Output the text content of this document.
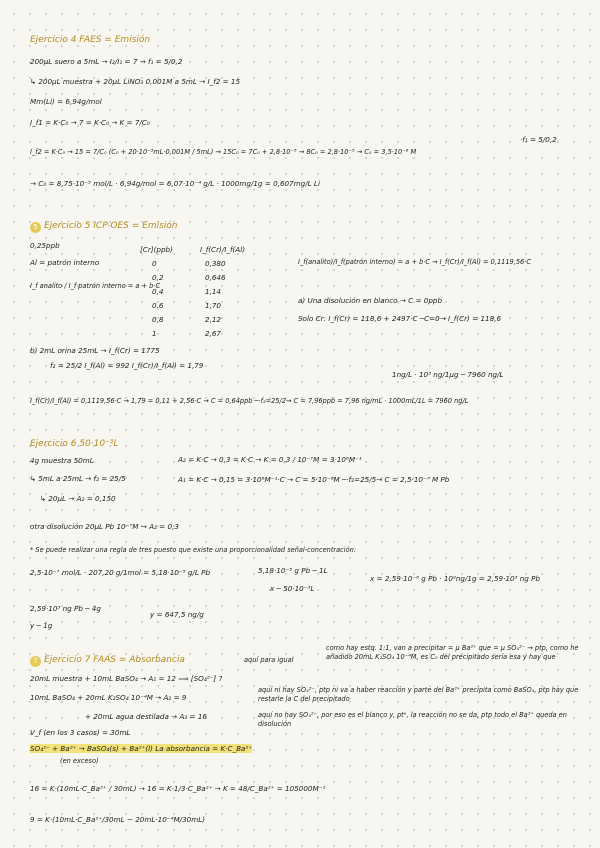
Ejercicio 4 FAES = Emisión
200µL suero a 5mL → I₂/I₁ = 7 → f₁ = 5/0,2
↳ 200µL muestra + 20µL LiNO₃ 0,001M a 5mL → I_f2 = 15
Mm(Li) = 6,94g/mol
I_f1 = K·C₀ → 7 = K·C₀ → K = 7/C₀
I_f2 = K·C₀ → 15 = 7/C₀ (C₀ + 20·10⁻³mL·0,001M / 5mL) → 15C₀ = 7C₀ + 2,8·10⁻⁵ → 8C₀ = 2,8·10⁻⁵ → C₀ = 3,5·10⁻⁶ M
·f₁ = 5/0,2
→ C₀ = 8,75·10⁻⁵ mol/L · 6,94g/mol = 6,07·10⁻⁴ g/L · 1000mg/1g = 0,607mg/L Li
5 Ejercicio 5 ICP-OES = Emisión
0,25ppb	[Cr](ppb)	I_f(Cr)/I_f(Al)
Al = patrón interno
I_f analito / I_f patrón interno = a + b·C
0	0,380
0,2	0,646
0,4	1,14
0,6	1,70
0,8	2,12
1	2,67
I_f(analito)/I_f(patrón interno) = a + b·C → I_f(Cr)/I_f(Al) = 0,1119,56·C
a) Una disolución en blanco → C = 0ppb
Solo Cr: I_f(Cr) = 118,6 + 2497·C ─C=0→ I_f(Cr) = 118,6
b) 2mL orina 25mL → I_f(Cr) = 1775
f₂ = 25/2 I_f(Al) = 992 I_f(Cr)/I_f(Al) = 1,79
1ng/L · 10³ ng/1µg ─ 7960 ng/L
I_f(Cr)/I_f(Al) = 0,1119,56·C → 1,79 = 0,11 + 2,56·C → C = 0,64ppb ─·f₂=25/2→ C = 7,96ppb = 7,96 ng/mL · 1000mL/1L = 7960 ng/L
Ejercicio 6 50·10⁻³L
4g muestra 50mL
↳ 5mL a 25mL → f₂ = 25/5
↳ 20µL → A₂ = 0,150
A₂ = K·C → 0,3 = K·C → K = 0,3 / 10⁻⁷M = 3·10⁶M⁻¹
A₁ = K·C → 0,15 = 3·10⁶M⁻¹·C → C = 5·10⁻⁸M ─·f₂=25/5→ C = 2,5·10⁻⁷ M Pb
otra disolución 20µL Pb 10⁻⁷M → A₂ = 0,3
* Se puede realizar una regla de tres puesto que existe una proporcionalidad señal-concentración:
2,5·10⁻⁷ mol/L · 207,20 g/1mol = 5,18·10⁻⁵ g/L Pb	5,18·10⁻⁵ g Pb ─ 1L
x ─ 50·10⁻³L
x = 2,59·10⁻⁶ g Pb · 10⁹ng/1g = 2,59·10³ ng Pb
2,59·10³ ng Pb ─ 4g
y ─ 1g
y = 647,5 ng/g
7 Ejercicio 7 FAAS = Absorbancia	aquí para igual
como hay estq. 1:1, van a precipitar = µ Ba²⁺ que = µ SO₄²⁻ → ptp, como he añadido 20mL K₂SO₄ 10⁻⁴M, es C₀ del precipitado sería esa y hay que
20mL muestra + 10mL BaSO₄ → A₁ = 12 ⟹ [SO₄²⁻] ?
aquí ni hay SO₄²⁻, ptp ni va a haber reacción y parte del Ba²⁺ precipita como BaSO₄, ptp hay que restarle la C del precipitado
10mL BaSO₄ + 20mL K₂SO₄ 10⁻⁴M → A₂ = 9
+ 20mL agua destilada → A₃ = 16	aquí no hay SO₄²⁻, por eso es el blanco y, ptᵉ, la reacción no se da, ptp todo el Ba²⁺ queda en disolución
V_f (en los 3 casos) = 30mL
SO₄²⁻ + Ba²⁺ → BaSO₄(s) + Ba²⁺(l) La absorbancia = K·C_Ba²⁺
(en exceso)
16 = K·(10mL·C_Ba²⁺ / 30mL) → 16 = K·1/3·C_Ba²⁺ → K = 48/C_Ba²⁺ = 105000M⁻¹
9 = K·(10mL·C_Ba²⁺/30mL − 20mL·10⁻⁴M/30mL)
